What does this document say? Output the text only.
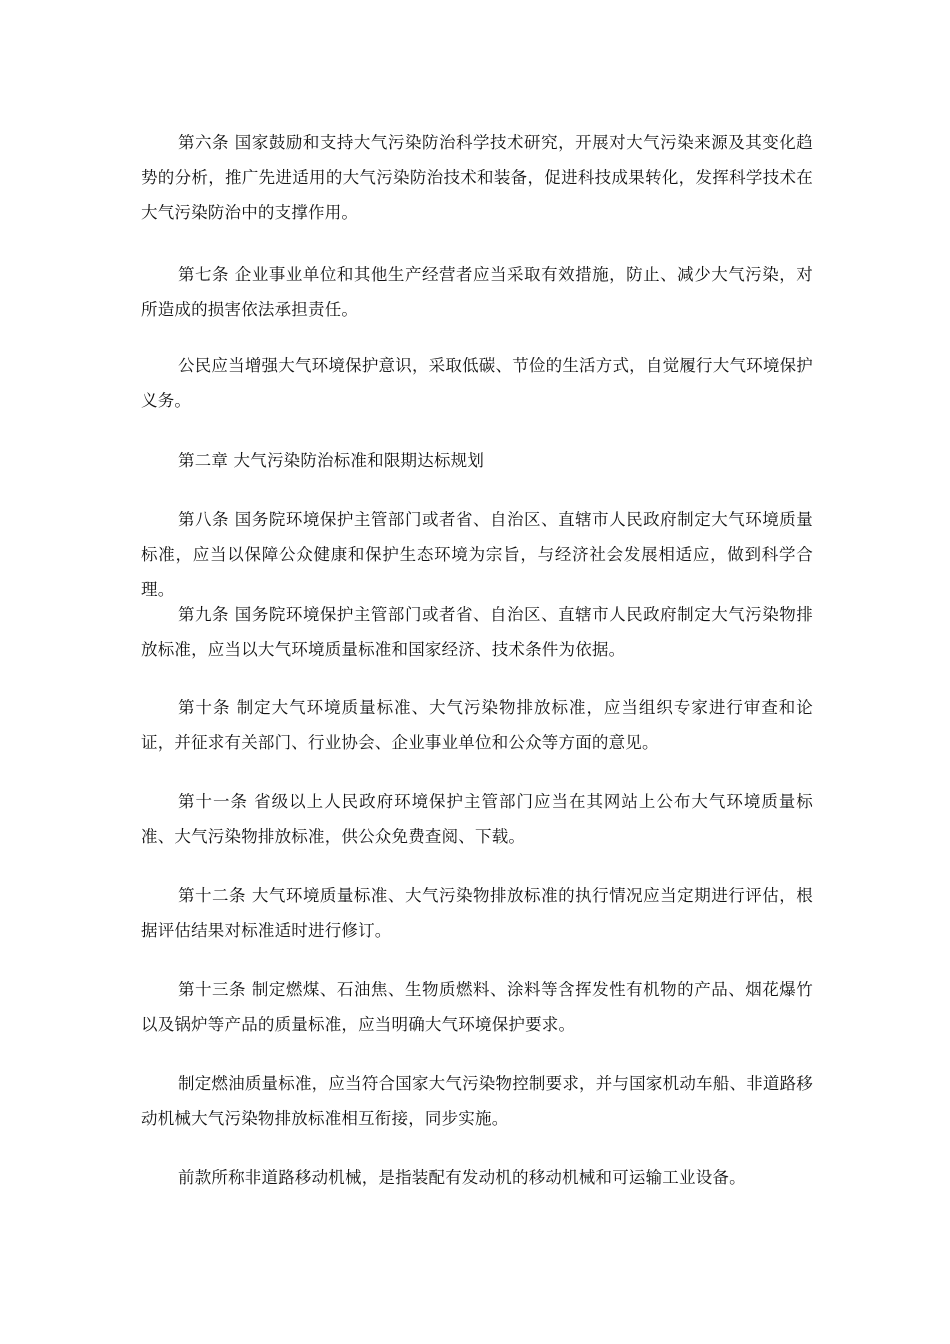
第六条 国家鼓励和支持大气污染防治科学技术研究，开展对大气污染来源及其变化趋势的分析，推广先进适用的大气污染防治技术和装备，促进科技成果转化，发挥科学技术在大气污染防治中的支撑作用。

第七条 企业事业单位和其他生产经营者应当采取有效措施，防止、减少大气污染，对所造成的损害依法承担责任。

公民应当增强大气环境保护意识，采取低碳、节俭的生活方式，自觉履行大气环境保护义务。

第二章 大气污染防治标准和限期达标规划

第八条 国务院环境保护主管部门或者省、自治区、直辖市人民政府制定大气环境质量标准，应当以保障公众健康和保护生态环境为宗旨，与经济社会发展相适应，做到科学合理。

第九条 国务院环境保护主管部门或者省、自治区、直辖市人民政府制定大气污染物排放标准，应当以大气环境质量标准和国家经济、技术条件为依据。

第十条 制定大气环境质量标准、大气污染物排放标准，应当组织专家进行审查和论证，并征求有关部门、行业协会、企业事业单位和公众等方面的意见。

第十一条 省级以上人民政府环境保护主管部门应当在其网站上公布大气环境质量标准、大气污染物排放标准，供公众免费查阅、下载。

第十二条 大气环境质量标准、大气污染物排放标准的执行情况应当定期进行评估，根据评估结果对标准适时进行修订。

第十三条 制定燃煤、石油焦、生物质燃料、涂料等含挥发性有机物的产品、烟花爆竹以及锅炉等产品的质量标准，应当明确大气环境保护要求。

制定燃油质量标准，应当符合国家大气污染物控制要求，并与国家机动车船、非道路移动机械大气污染物排放标准相互衔接，同步实施。

前款所称非道路移动机械，是指装配有发动机的移动机械和可运输工业设备。
